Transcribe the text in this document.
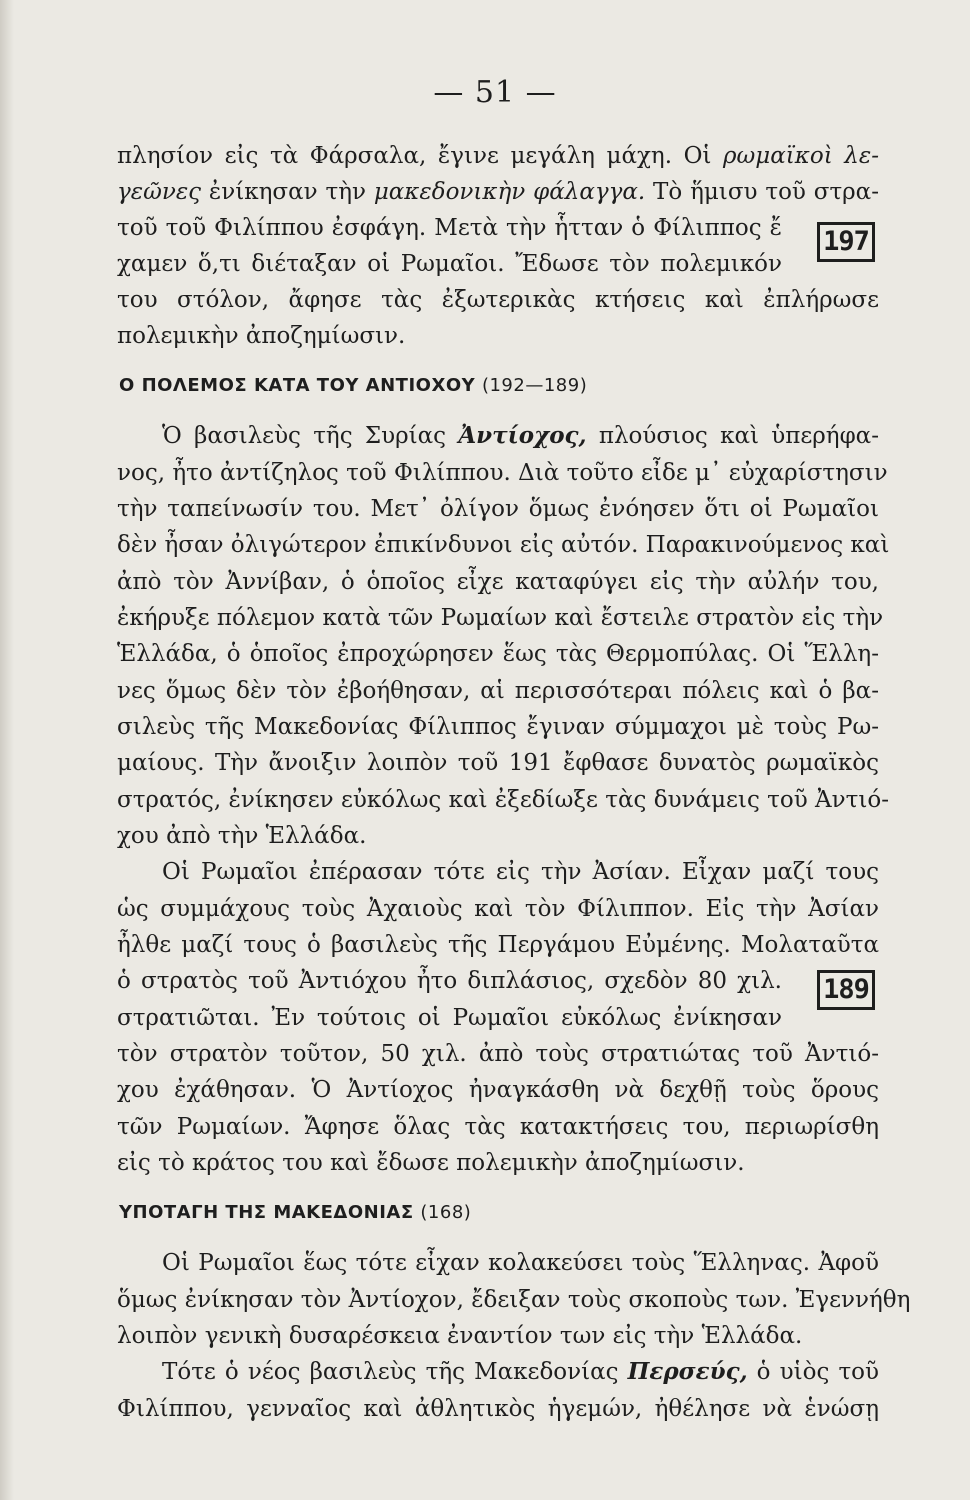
— 51 —
πλησίον εἰς τὰ Φάρσαλα, ἔγινε μεγάλη μάχη. Οἱ ρωμαϊκοὶ λε-
γεῶνες ἐνίκησαν τὴν μακεδονικὴν φάλαγγα. Τὸ ἥμισυ τοῦ στρα-
τοῦ τοῦ Φιλίππου ἐσφάγη. Μετὰ τὴν ἧτταν ὁ Φίλιππος ἔ
χαμεν ὅ,τι διέταξαν οἱ Ρωμαῖοι. Ἔδωσε τὸν πολεμικόν
197
του στόλον, ἄφησε τὰς ἐξωτερικὰς κτήσεις καὶ ἐπλήρωσε
πολεμικὴν ἀποζημίωσιν.
Ο ΠΟΛΕΜΟΣ ΚΑΤΑ ΤΟΥ ΑΝΤΙΟΧΟΥ (192—189)
Ὁ βασιλεὺς τῆς Συρίας Ἀντίοχος, πλούσιος καὶ ὑπερήφα-
νος, ἦτο ἀντίζηλος τοῦ Φιλίππου. Διὰ τοῦτο εἶδε μ᾽ εὐχαρίστησιν
τὴν ταπείνωσίν του. Μετ᾽ ὀλίγον ὅμως ἐνόησεν ὅτι οἱ Ρωμαῖοι
δὲν ἦσαν ὀλιγώτερον ἐπικίνδυνοι εἰς αὐτόν. Παρακινούμενος καὶ
ἀπὸ τὸν Ἀννίβαν, ὁ ὁποῖος εἶχε καταφύγει εἰς τὴν αὐλήν του,
ἐκήρυξε πόλεμον κατὰ τῶν Ρωμαίων καὶ ἔστειλε στρατὸν εἰς τὴν
Ἑλλάδα, ὁ ὁποῖος ἐπροχώρησεν ἕως τὰς Θερμοπύλας. Οἱ Ἕλλη-
νες ὅμως δὲν τὸν ἐβοήθησαν, αἱ περισσότεραι πόλεις καὶ ὁ βα-
σιλεὺς τῆς Μακεδονίας Φίλιππος ἔγιναν σύμμαχοι μὲ τοὺς Ρω-
μαίους. Τὴν ἄνοιξιν λοιπὸν τοῦ 191 ἔφθασε δυνατὸς ρωμαϊκὸς
στρατός, ἐνίκησεν εὐκόλως καὶ ἐξεδίωξε τὰς δυνάμεις τοῦ Ἀντιό-
χου ἀπὸ τὴν Ἑλλάδα.
Οἱ Ρωμαῖοι ἐπέρασαν τότε εἰς τὴν Ἀσίαν. Εἶχαν μαζί τους
ὡς συμμάχους τοὺς Ἀχαιοὺς καὶ τὸν Φίλιππον. Εἰς τὴν Ἀσίαν
ἦλθε μαζί τους ὁ βασιλεὺς τῆς Περγάμου Εὐμένης. Μολαταῦτα
ὁ στρατὸς τοῦ Ἀντιόχου ἦτο διπλάσιος, σχεδὸν 80 χιλ.
στρατιῶται. Ἐν τούτοις οἱ Ρωμαῖοι εὐκόλως ἐνίκησαν
189
τὸν στρατὸν τοῦτον, 50 χιλ. ἀπὸ τοὺς στρατιώτας τοῦ Ἀντιό-
χου ἐχάθησαν. Ὁ Ἀντίοχος ἠναγκάσθη νὰ δεχθῇ τοὺς ὅρους
τῶν Ρωμαίων. Ἄφησε ὅλας τὰς κατακτήσεις του, περιωρίσθη
εἰς τὸ κράτος του καὶ ἔδωσε πολεμικὴν ἀποζημίωσιν.
ΥΠΟΤΑΓΗ ΤΗΣ ΜΑΚΕΔΟΝΙΑΣ (168)
Οἱ Ρωμαῖοι ἕως τότε εἶχαν κολακεύσει τοὺς Ἕλληνας. Ἀφοῦ
ὅμως ἐνίκησαν τὸν Ἀντίοχον, ἔδειξαν τοὺς σκοποὺς των. Ἐγεννήθη
λοιπὸν γενικὴ δυσαρέσκεια ἐναντίον των εἰς τὴν Ἑλλάδα.
Τότε ὁ νέος βασιλεὺς τῆς Μακεδονίας Περσεύς, ὁ υἱὸς τοῦ
Φιλίππου, γενναῖος καὶ ἀθλητικὸς ἡγεμών, ἠθέλησε νὰ ἑνώσῃ
